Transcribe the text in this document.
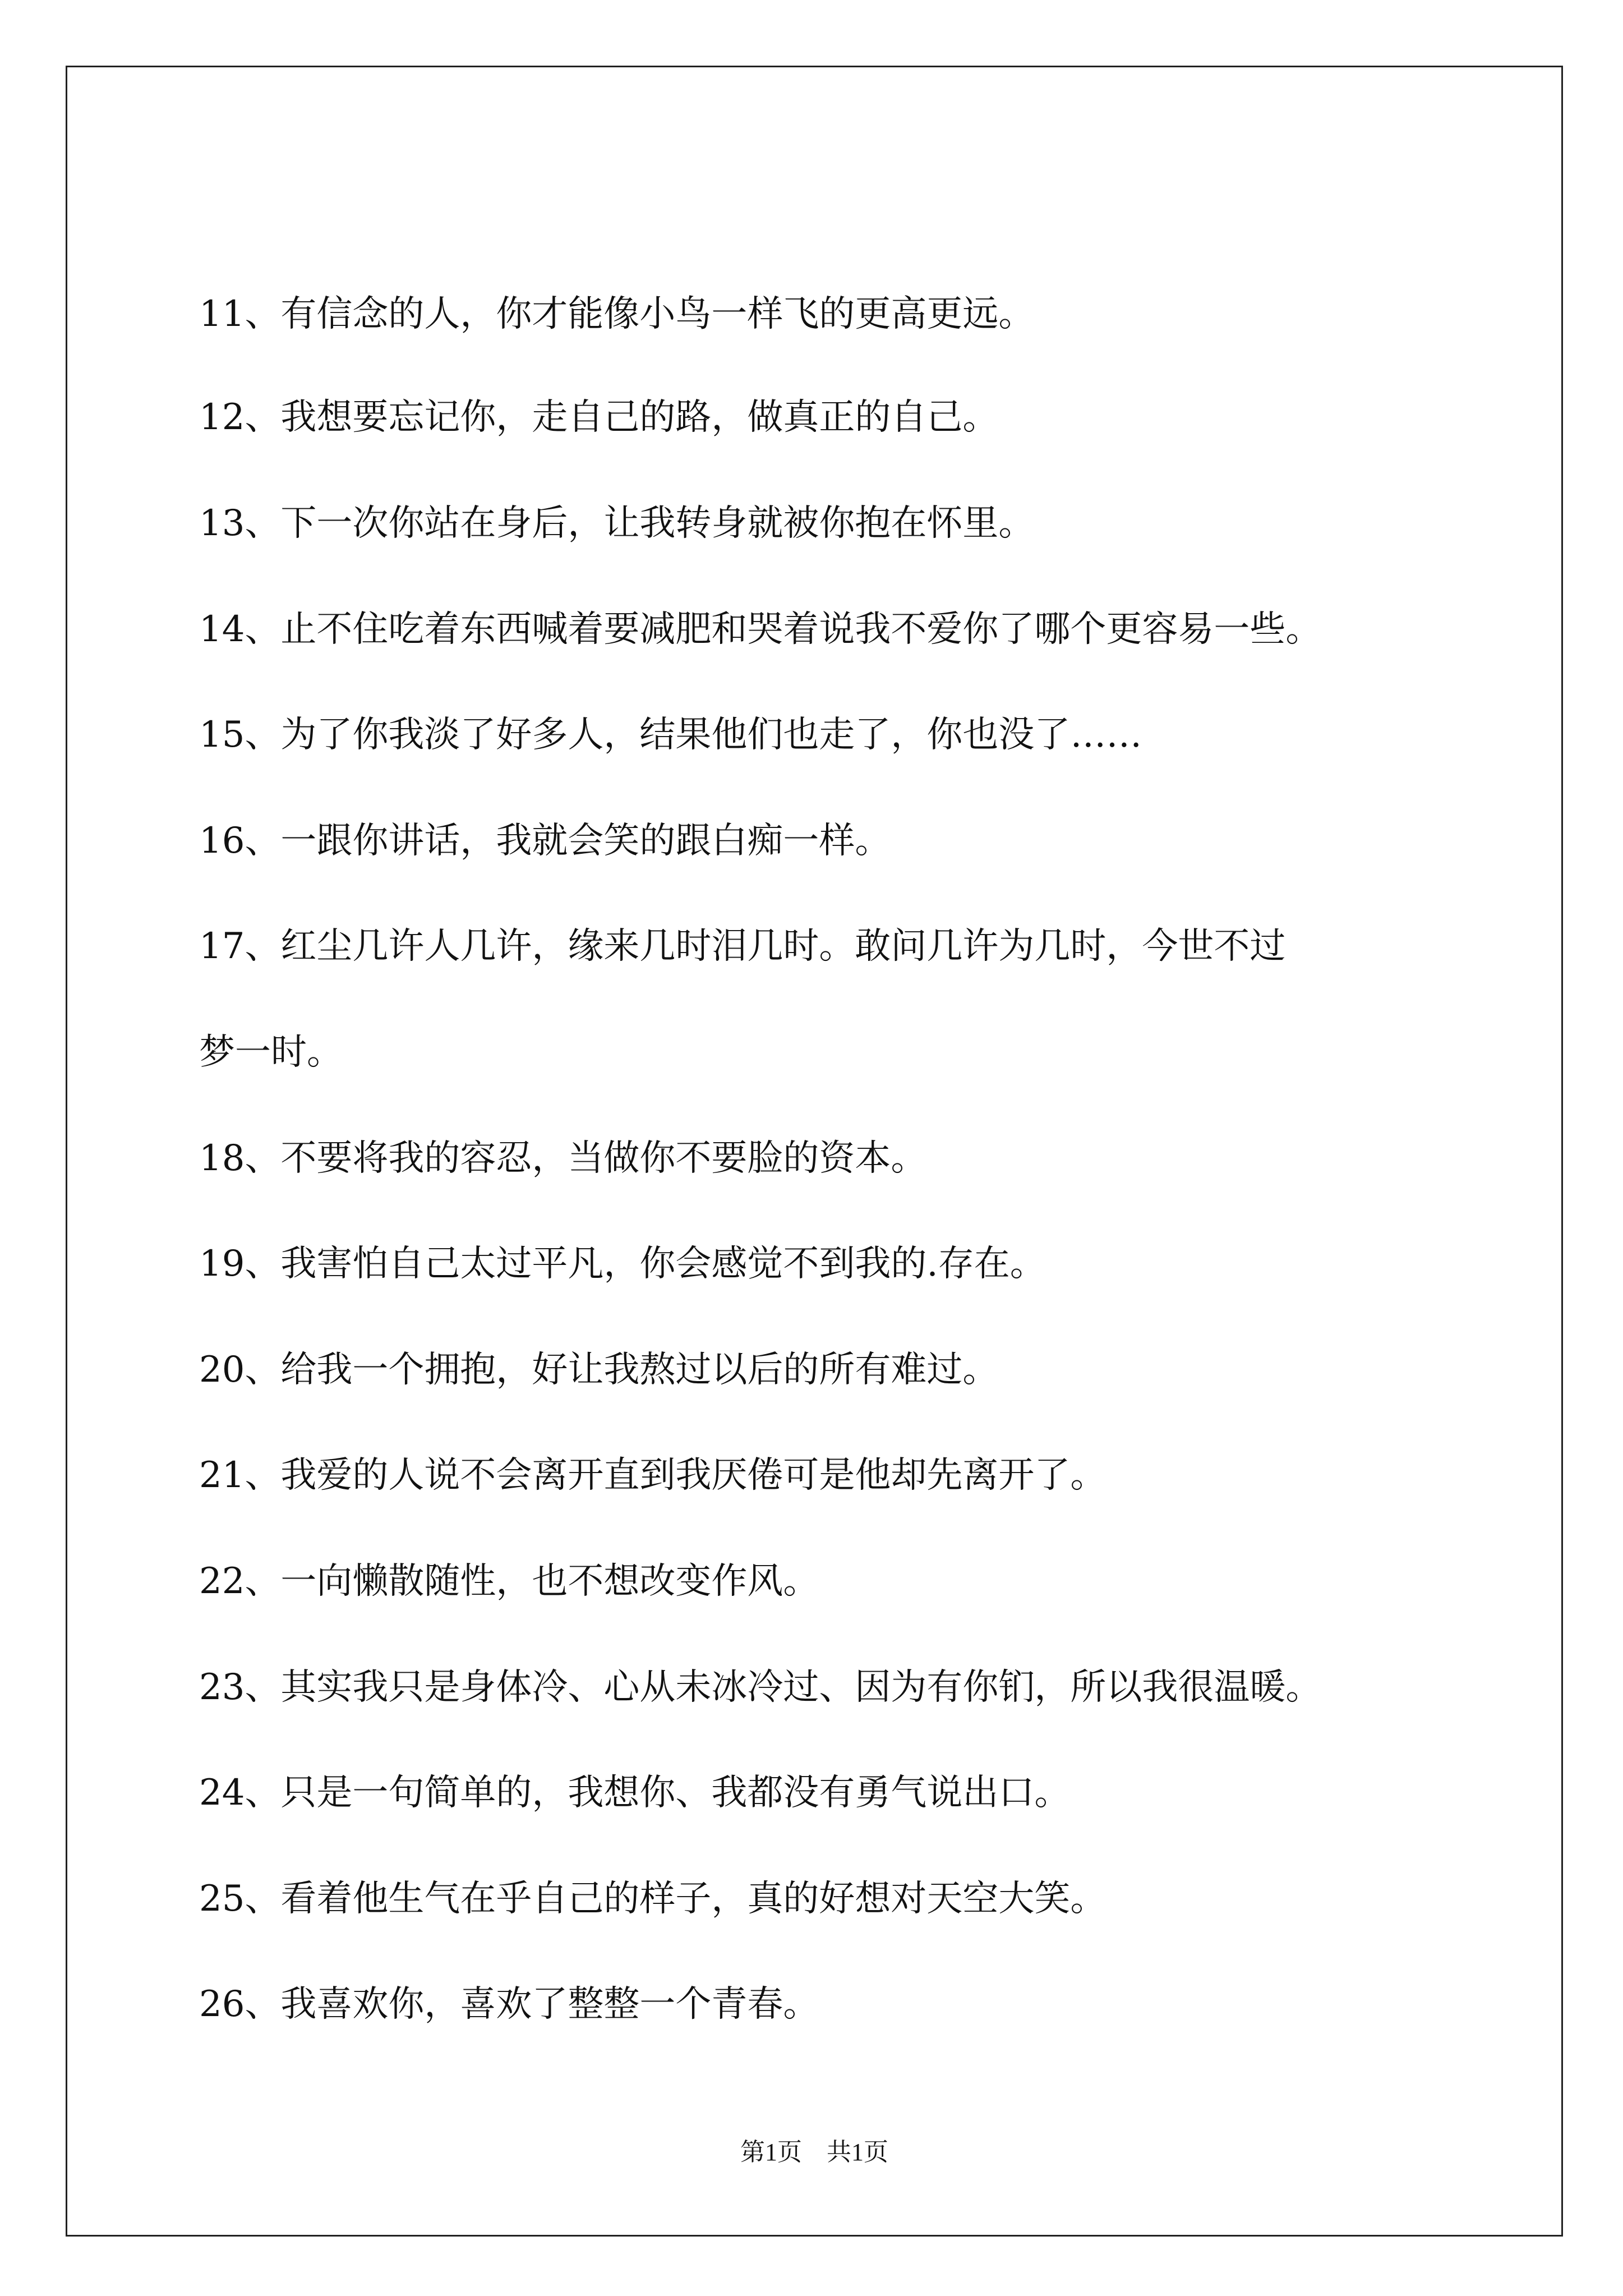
11、有信念的人，你才能像小鸟一样飞的更高更远。
12、我想要忘记你，走自己的路，做真正的自己。
13、下一次你站在身后，让我转身就被你抱在怀里。
14、止不住吃着东西喊着要减肥和哭着说我不爱你了哪个更容易一些。
15、为了你我淡了好多人，结果他们也走了，你也没了……
16、一跟你讲话，我就会笑的跟白痴一样。
17、红尘几许人几许，缘来几时泪几时。敢问几许为几时，今世不过
梦一时。
18、不要将我的容忍，当做你不要脸的资本。
19、我害怕自己太过平凡，你会感觉不到我的.存在。
20、给我一个拥抱，好让我熬过以后的所有难过。
21、我爱的人说不会离开直到我厌倦可是他却先离开了。
22、一向懒散随性，也不想改变作风。
23、其实我只是身体冷、心从未冰冷过、因为有你钔，所以我很温暖。
24、只是一句简单的，我想你、我都没有勇气说出口。
25、看着他生气在乎自己的样子，真的好想对天空大笑。
26、我喜欢你，喜欢了整整一个青春。
第1页　共1页
